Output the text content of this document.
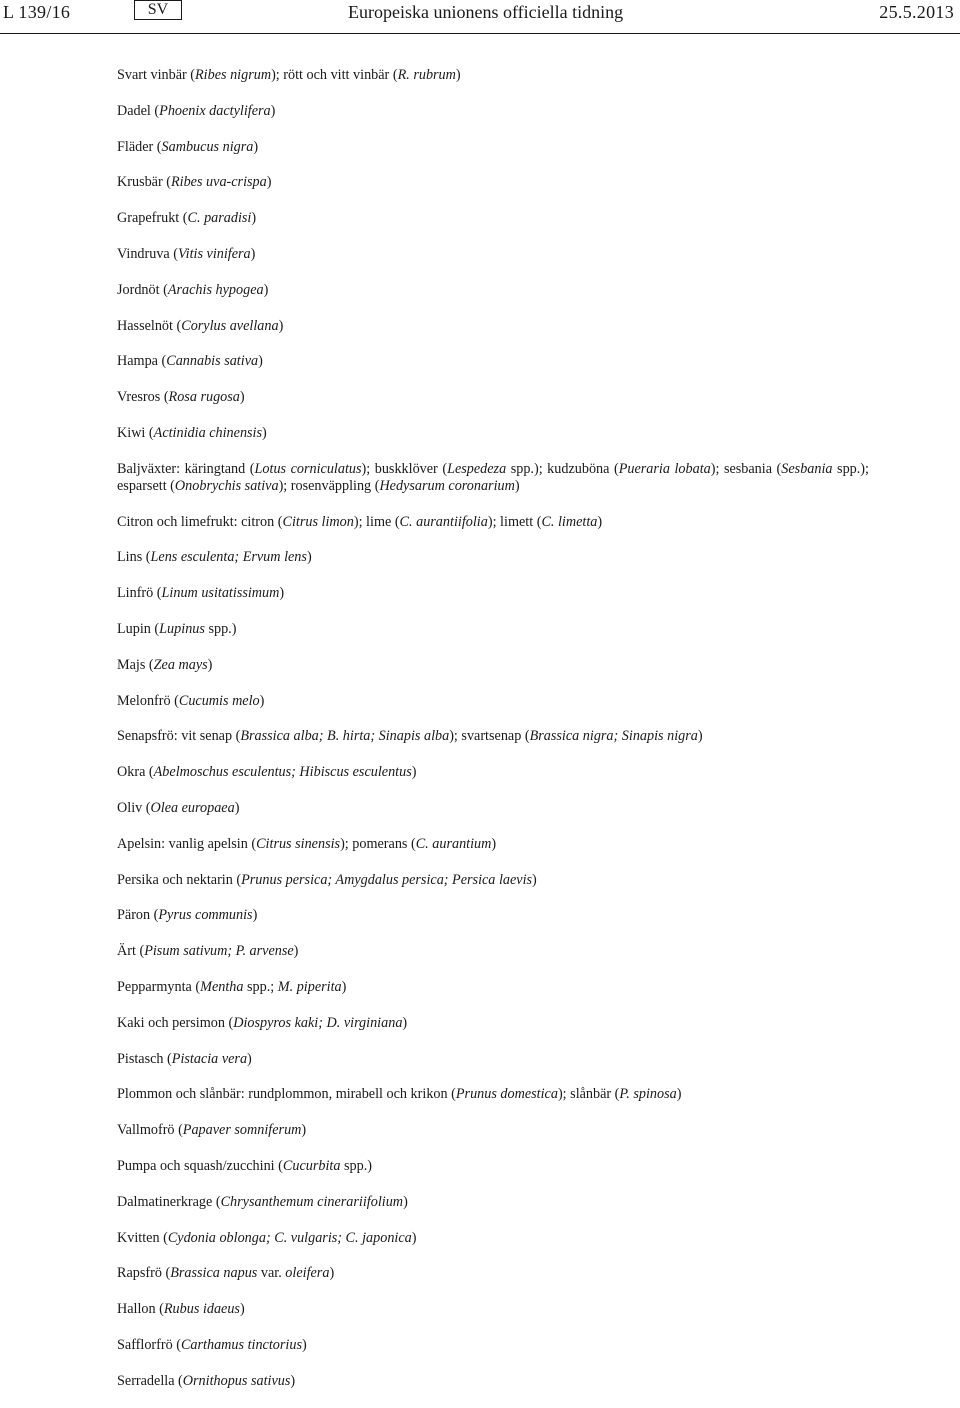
L 139/16	SV	Europeiska unionens officiella tidning	25.5.2013

Svart vinbär (Ribes nigrum); rött och vitt vinbär (R. rubrum)

Dadel (Phoenix dactylifera)

Fläder (Sambucus nigra)

Krusbär (Ribes uva-crispa)

Grapefrukt (C. paradisi)

Vindruva (Vitis vinifera)

Jordnöt (Arachis hypogea)

Hasselnöt (Corylus avellana)

Hampa (Cannabis sativa)

Vresros (Rosa rugosa)

Kiwi (Actinidia chinensis)

Baljväxter: käringtand (Lotus corniculatus); buskklöver (Lespedeza spp.); kudzuböna (Pueraria lobata); sesbania (Sesbania spp.); esparsett (Onobrychis sativa); rosenväppling (Hedysarum coronarium)

Citron och limefrukt: citron (Citrus limon); lime (C. aurantiifolia); limett (C. limetta)

Lins (Lens esculenta; Ervum lens)

Linfrö (Linum usitatissimum)

Lupin (Lupinus spp.)

Majs (Zea mays)

Melonfrö (Cucumis melo)

Senapsfrö: vit senap (Brassica alba; B. hirta; Sinapis alba); svartsenap (Brassica nigra; Sinapis nigra)

Okra (Abelmoschus esculentus; Hibiscus esculentus)

Oliv (Olea europaea)

Apelsin: vanlig apelsin (Citrus sinensis); pomerans (C. aurantium)

Persika och nektarin (Prunus persica; Amygdalus persica; Persica laevis)

Päron (Pyrus communis)

Ärt (Pisum sativum; P. arvense)

Pepparmynta (Mentha spp.; M. piperita)

Kaki och persimon (Diospyros kaki; D. virginiana)

Pistasch (Pistacia vera)

Plommon och slånbär: rundplommon, mirabell och krikon (Prunus domestica); slånbär (P. spinosa)

Vallmofrö (Papaver somniferum)

Pumpa och squash/zucchini (Cucurbita spp.)

Dalmatinerkrage (Chrysanthemum cinerariifolium)

Kvitten (Cydonia oblonga; C. vulgaris; C. japonica)

Rapsfrö (Brassica napus var. oleifera)

Hallon (Rubus idaeus)

Safflorfrö (Carthamus tinctorius)

Serradella (Ornithopus sativus)
